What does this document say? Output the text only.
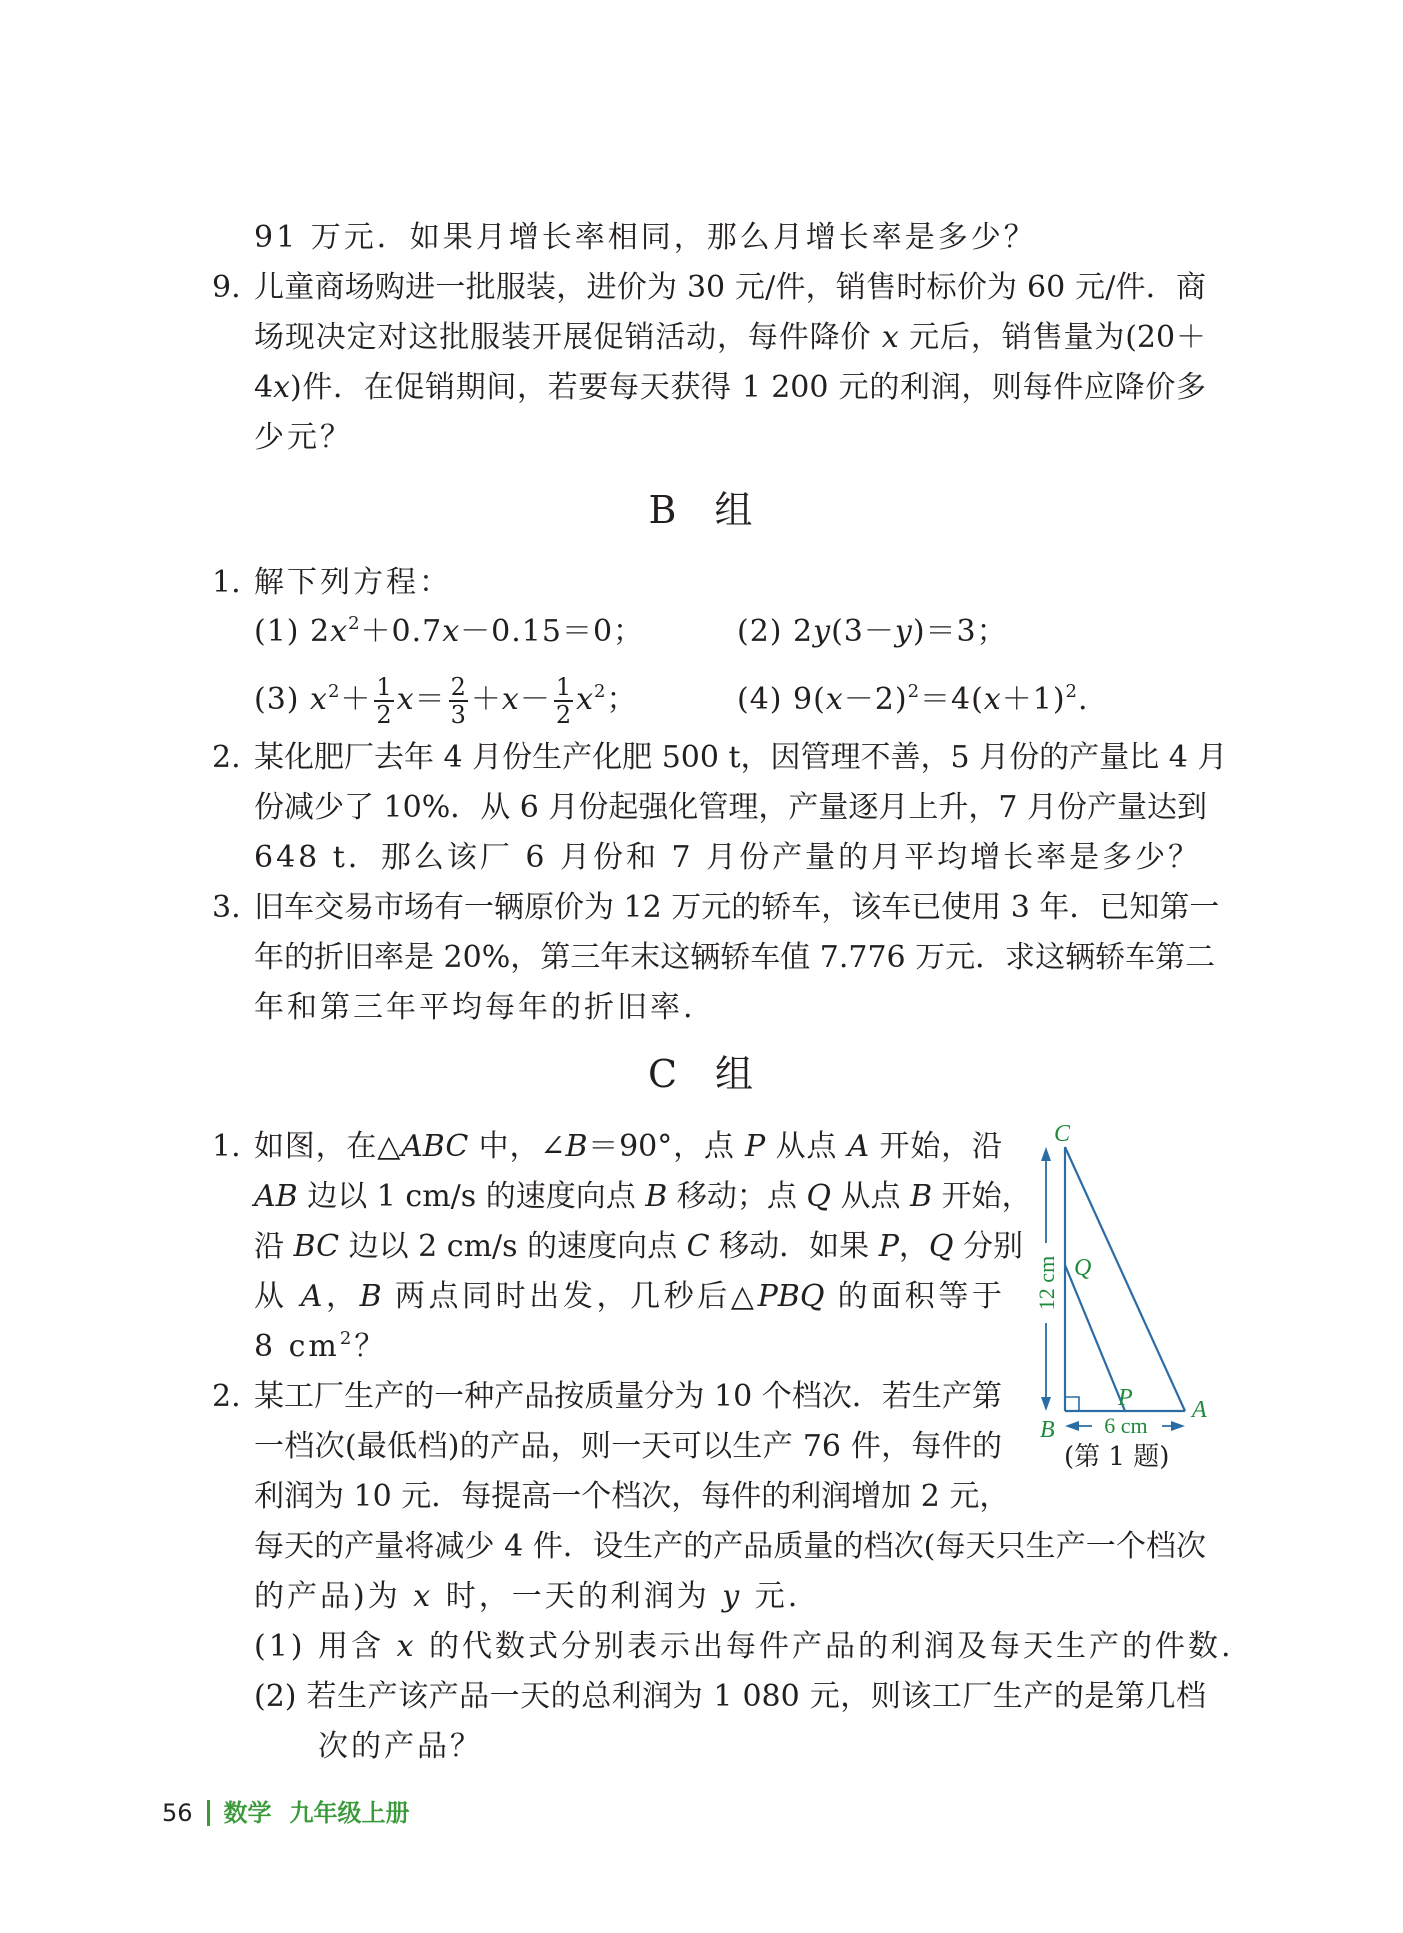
91 万元．如果月增长率相同，那么月增长率是多少？
9. 儿童商场购进一批服装，进价为 30 元/件，销售时标价为 60 元/件．商
场现决定对这批服装开展促销活动，每件降价 x 元后，销售量为(20＋
4x)件．在促销期间，若要每天获得 1 200 元的利润，则每件应降价多
少元？
B 组
1. 解下列方程：
(1) $2x^2+0.7x-0.15=0$；	(2) 2y(3－y)＝3；
(3) $x^2+ \frac{1}{2} x= \frac{2}{3} +x- \frac{1}{2} x^2$；	(4) $9(x-2)^2=4(x+1)^2$.
2. 某化肥厂去年 4 月份生产化肥 500 t，因管理不善，5 月份的产量比 4 月
份减少了 10%．从 6 月份起强化管理，产量逐月上升，7 月份产量达到
648 t．那么该厂 6 月份和 7 月份产量的月平均增长率是多少？
3. 旧车交易市场有一辆原价为 12 万元的轿车，该车已使用 3 年．已知第一
年的折旧率是 20%，第三年末这辆轿车值 7.776 万元．求这辆轿车第二
年和第三年平均每年的折旧率.
C 组
1. 如图，在△ABC 中，∠B＝90°，点 P 从点 A 开始，沿
AB 边以 1 cm/s 的速度向点 B 移动；点 Q 从点 B 开始，
沿 BC 边以 2 cm/s 的速度向点 C 移动．如果 P，Q 分别
从 A，B 两点同时出发，几秒后△PBQ 的面积等于
8 $cm^2$？
12 cm
6 cm
C
Q
P A
B
(第 1 题)
2. 某工厂生产的一种产品按质量分为 10 个档次．若生产第
一档次(最低档)的产品，则一天可以生产 76 件，每件的
利润为 10 元．每提高一个档次，每件的利润增加 2 元，
每天的产量将减少 4 件．设生产的产品质量的档次(每天只生产一个档次
的产品)为 x 时，一天的利润为 y 元.
(1) 用含 x 的代数式分别表示出每件产品的利润及每天生产的件数.
(2) 若生产该产品一天的总利润为 1 080 元，则该工厂生产的是第几档
次的产品？
56 数学 九年级上册
